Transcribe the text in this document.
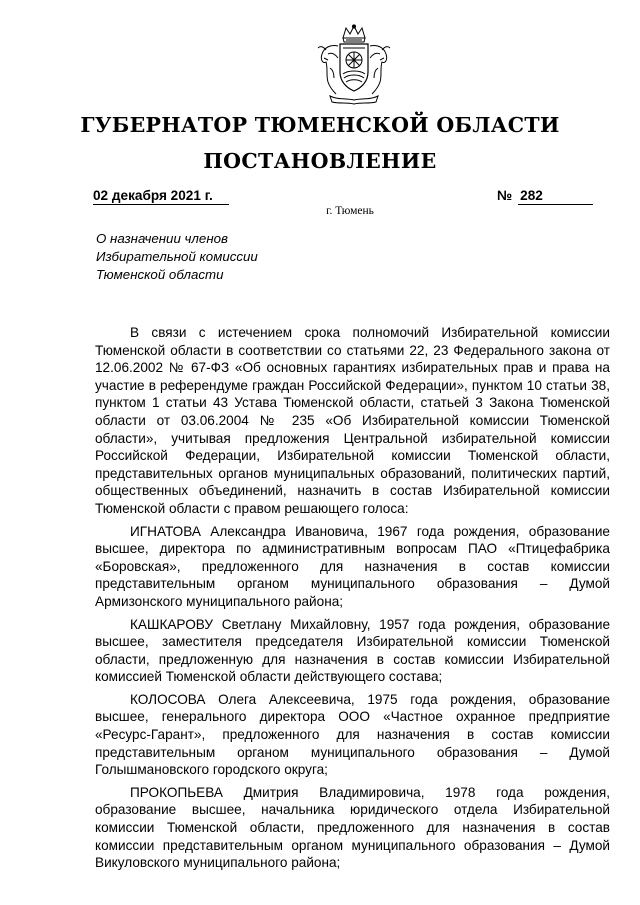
ГУБЕРНАТОР ТЮМЕНСКОЙ ОБЛАСТИ
ПОСТАНОВЛЕНИЕ
02 декабря 2021 г.	№ 282
г. Тюмень
О назначении членов
Избирательной комиссии
Тюменской области

В связи с истечением срока полномочий Избирательной комиссии Тюменской области в соответствии со статьями 22, 23 Федерального закона от 12.06.2002 № 67-ФЗ «Об основных гарантиях избирательных прав и права на участие в референдуме граждан Российской Федерации», пунктом 10 статьи 38, пунктом 1 статьи 43 Устава Тюменской области, статьей 3 Закона Тюменской области от 03.06.2004 № 235 «Об Избирательной комиссии Тюменской области», учитывая предложения Центральной избирательной комиссии Российской Федерации, Избирательной комиссии Тюменской области, представительных органов муниципальных образований, политических партий, общественных объединений, назначить в состав Избирательной комиссии Тюменской области с правом решающего голоса:

ИГНАТОВА Александра Ивановича, 1967 года рождения, образование высшее, директора по административным вопросам ПАО «Птицефабрика «Боровская», предложенного для назначения в состав комиссии представительным органом муниципального образования – Думой Армизонского муниципального района;

КАШКАРОВУ Светлану Михайловну, 1957 года рождения, образование высшее, заместителя председателя Избирательной комиссии Тюменской области, предложенную для назначения в состав комиссии Избирательной комиссией Тюменской области действующего состава;

КОЛОСОВА Олега Алексеевича, 1975 года рождения, образование высшее, генерального директора ООО «Частное охранное предприятие «Ресурс-Гарант», предложенного для назначения в состав комиссии представительным органом муниципального образования – Думой Голышмановского городского округа;

ПРОКОПЬЕВА Дмитрия Владимировича, 1978 года рождения, образование высшее, начальника юридического отдела Избирательной комиссии Тюменской области, предложенного для назначения в состав комиссии представительным органом муниципального образования – Думой Викуловского муниципального района;
